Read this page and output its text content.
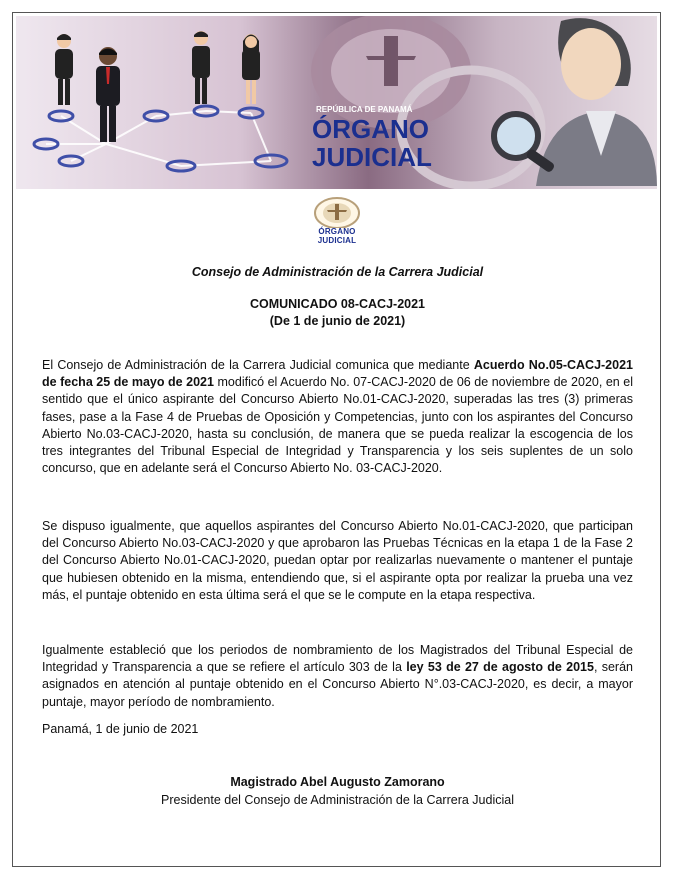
REPÚBLICA DE PANAMÁ
ÓRGANO
JUDICIAL
ÓRGANO
JUDICIAL
Consejo de Administración de la Carrera Judicial
COMUNICADO 08-CACJ-2021
(De 1 de junio de 2021)
El Consejo de Administración de la Carrera Judicial comunica que mediante Acuerdo No.05-CACJ-2021 de fecha 25 de mayo de 2021 modificó el Acuerdo No. 07-CACJ-2020 de 06 de noviembre de 2020, en el sentido que el único aspirante del Concurso Abierto No.01-CACJ-2020, superadas las tres (3) primeras fases, pase a la Fase 4 de Pruebas de Oposición y Competencias, junto con los aspirantes del Concurso Abierto No.03-CACJ-2020, hasta su conclusión, de manera que se pueda realizar la escogencia de los tres integrantes del Tribunal Especial de Integridad y Transparencia y los seis suplentes de un solo concurso, que en adelante será el Concurso Abierto No. 03-CACJ-2020.
Se dispuso igualmente, que aquellos aspirantes del Concurso Abierto No.01-CACJ-2020, que participan del Concurso Abierto No.03-CACJ-2020 y que aprobaron las Pruebas Técnicas en la etapa 1 de la Fase 2 del Concurso Abierto No.01-CACJ-2020, puedan optar por realizarlas nuevamente o mantener el puntaje que hubiesen obtenido en la misma, entendiendo que, si el aspirante opta por realizar la prueba una vez más, el puntaje obtenido en esta última será el que se le compute en la etapa respectiva.
Igualmente estableció que los periodos de nombramiento de los Magistrados del Tribunal Especial de Integridad y Transparencia a que se refiere el artículo 303 de la ley 53 de 27 de agosto de 2015, serán asignados en atención al puntaje obtenido en el Concurso Abierto N°.03-CACJ-2020, es decir, a mayor puntaje, mayor período de nombramiento.
Panamá, 1 de junio de 2021
Magistrado Abel Augusto Zamorano
Presidente del Consejo de Administración de la Carrera Judicial
